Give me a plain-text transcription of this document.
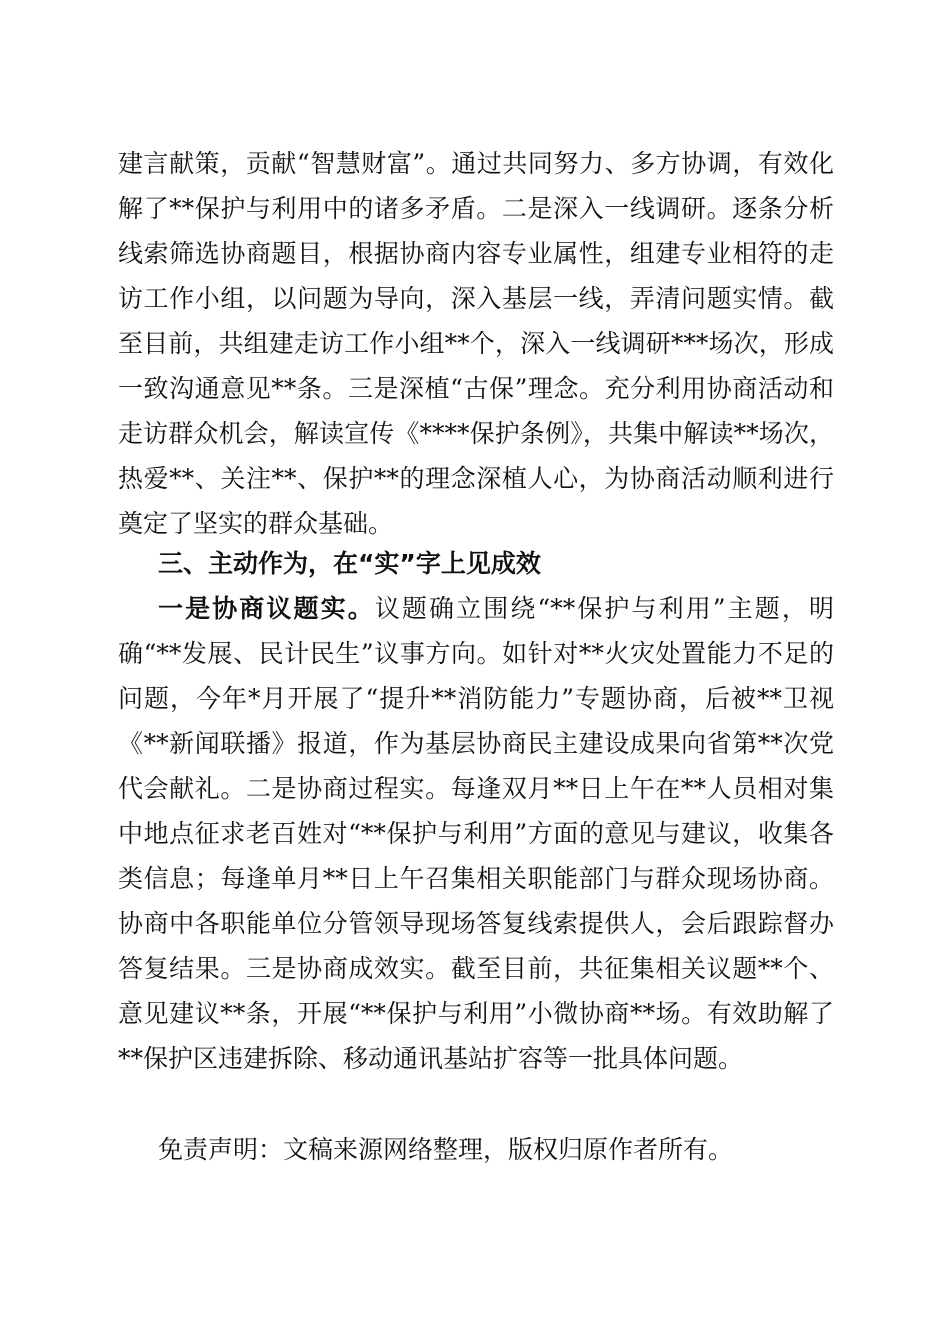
建言献策，贡献“智慧财富”。通过共同努力、多方协调，有效化解了**保护与利用中的诸多矛盾。二是深入一线调研。逐条分析线索筛选协商题目，根据协商内容专业属性，组建专业相符的走访工作小组，以问题为导向，深入基层一线，弄清问题实情。截至目前，共组建走访工作小组**个，深入一线调研***场次，形成一致沟通意见**条。三是深植“古保”理念。充分利用协商活动和走访群众机会，解读宣传《****保护条例》，共集中解读**场次，热爱**、关注**、保护**的理念深植人心，为协商活动顺利进行奠定了坚实的群众基础。
三、主动作为，在“实”字上见成效
一是协商议题实。议题确立围绕“**保护与利用”主题，明确“**发展、民计民生”议事方向。如针对**火灾处置能力不足的问题，今年*月开展了“提升**消防能力”专题协商，后被**卫视《**新闻联播》报道，作为基层协商民主建设成果向省第**次党代会献礼。二是协商过程实。每逢双月**日上午在**人员相对集中地点征求老百姓对“**保护与利用”方面的意见与建议，收集各类信息；每逢单月**日上午召集相关职能部门与群众现场协商。协商中各职能单位分管领导现场答复线索提供人，会后跟踪督办答复结果。三是协商成效实。截至目前，共征集相关议题**个、意见建议**条，开展“**保护与利用”小微协商**场。有效助解了**保护区违建拆除、移动通讯基站扩容等一批具体问题。
免责声明：文稿来源网络整理，版权归原作者所有。
